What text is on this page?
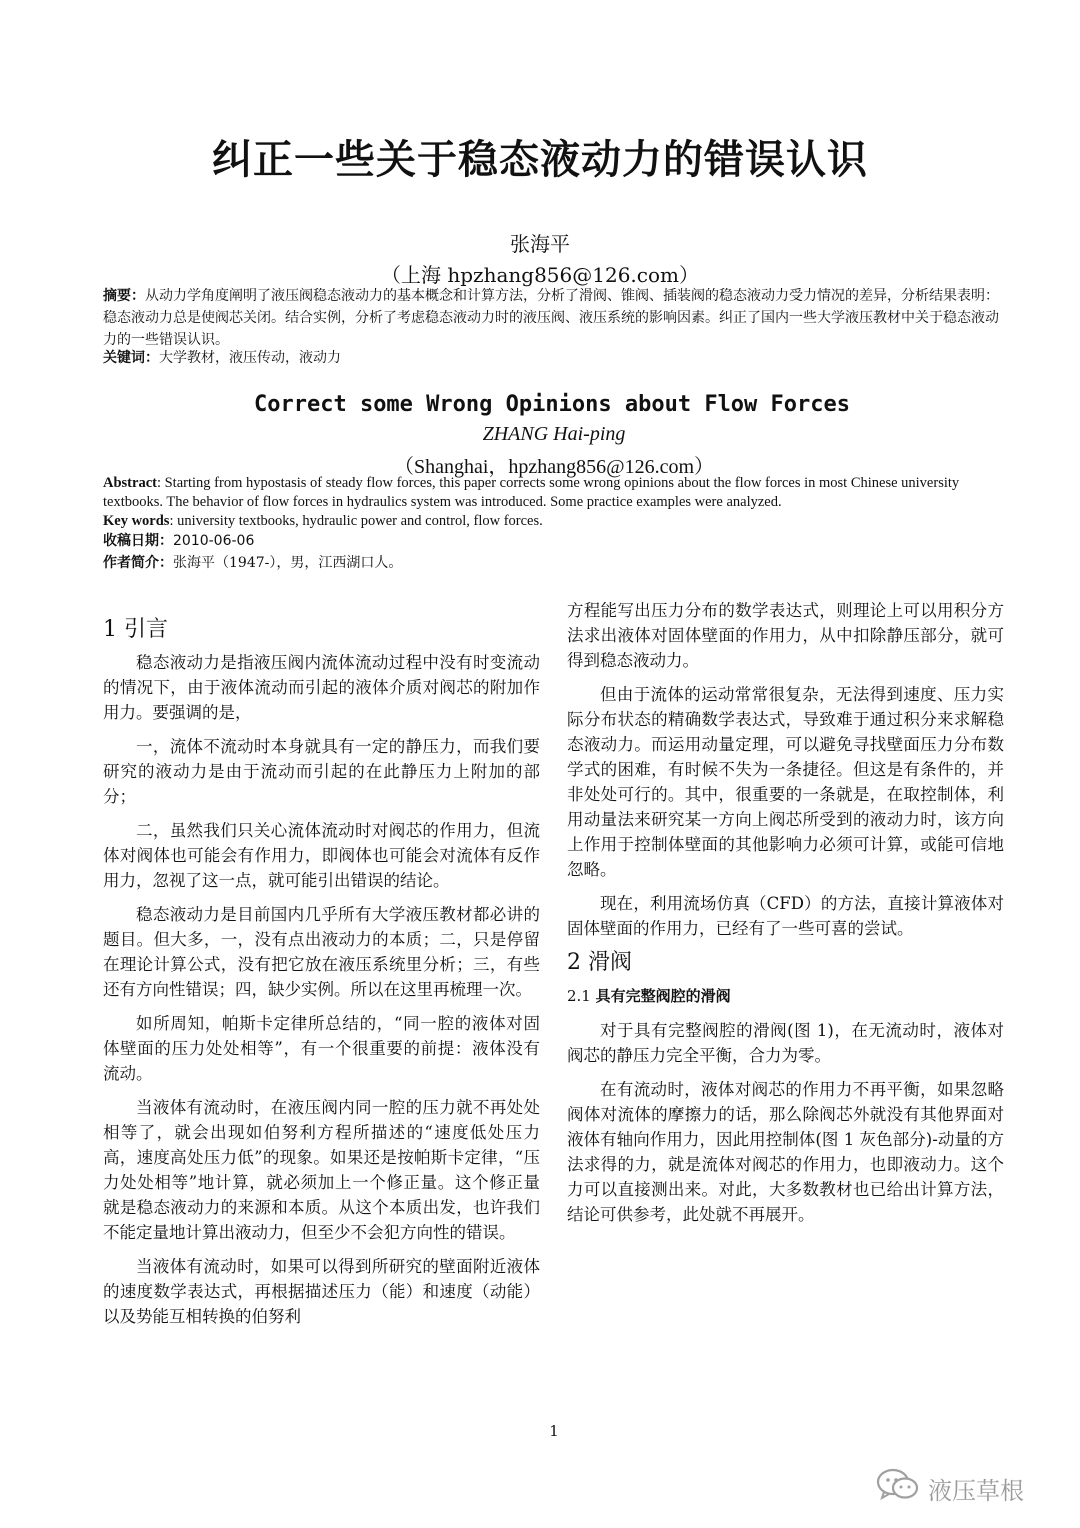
纠正一些关于稳态液动力的错误认识
张海平
（上海 hpzhang856@126.com）
摘要：从动力学角度阐明了液压阀稳态液动力的基本概念和计算方法，分析了滑阀、锥阀、插装阀的稳态液动力受力情况的差异，分析结果表明：稳态液动力总是使阀芯关闭。结合实例，分析了考虑稳态液动力时的液压阀、液压系统的影响因素。纠正了国内一些大学液压教材中关于稳态液动力的一些错误认识。
关键词：大学教材，液压传动，液动力
Correct some Wrong Opinions about Flow Forces
ZHANG Hai-ping
（Shanghai，hpzhang856@126.com）
Abstract: Starting from hypostasis of steady flow forces, this paper corrects some wrong opinions about the flow forces in most Chinese university textbooks. The behavior of flow forces in hydraulics system was introduced. Some practice examples were analyzed.
Key words: university textbooks, hydraulic power and control, flow forces.
收稿日期：2010-06-06
作者简介：张海平（1947-），男，江西湖口人。
1 引言

稳态液动力是指液压阀内流体流动过程中没有时变流动的情况下，由于液体流动而引起的液体介质对阀芯的附加作用力。要强调的是，

一，流体不流动时本身就具有一定的静压力，而我们要研究的液动力是由于流动而引起的在此静压力上附加的部分；

二，虽然我们只关心流体流动时对阀芯的作用力，但流体对阀体也可能会有作用力，即阀体也可能会对流体有反作用力，忽视了这一点，就可能引出错误的结论。

稳态液动力是目前国内几乎所有大学液压教材都必讲的题目。但大多，一，没有点出液动力的本质；二，只是停留在理论计算公式，没有把它放在液压系统里分析；三，有些还有方向性错误；四，缺少实例。所以在这里再梳理一次。

如所周知，帕斯卡定律所总结的，“同一腔的液体对固体壁面的压力处处相等”，有一个很重要的前提：液体没有流动。

当液体有流动时，在液压阀内同一腔的压力就不再处处相等了，就会出现如伯努利方程所描述的“速度低处压力高，速度高处压力低”的现象。如果还是按帕斯卡定律，“压力处处相等”地计算，就必须加上一个修正量。这个修正量就是稳态液动力的来源和本质。从这个本质出发，也许我们不能定量地计算出液动力，但至少不会犯方向性的错误。

当液体有流动时，如果可以得到所研究的壁面附近液体的速度数学表达式，再根据描述压力（能）和速度（动能）以及势能互相转换的伯努利

方程能写出压力分布的数学表达式，则理论上可以用积分方法求出液体对固体壁面的作用力，从中扣除静压部分，就可得到稳态液动力。

但由于流体的运动常常很复杂，无法得到速度、压力实际分布状态的精确数学表达式，导致难于通过积分来求解稳态液动力。而运用动量定理，可以避免寻找壁面压力分布数学式的困难，有时候不失为一条捷径。但这是有条件的，并非处处可行的。其中，很重要的一条就是，在取控制体，利用动量法来研究某一方向上阀芯所受到的液动力时，该方向上作用于控制体壁面的其他影响力必须可计算，或能可信地忽略。

现在，利用流场仿真（CFD）的方法，直接计算液体对固体壁面的作用力，已经有了一些可喜的尝试。

2 滑阀

2.1 具有完整阀腔的滑阀

对于具有完整阀腔的滑阀(图 1)，在无流动时，液体对阀芯的静压力完全平衡，合力为零。

在有流动时，液体对阀芯的作用力不再平衡，如果忽略阀体对流体的摩擦力的话，那么除阀芯外就没有其他界面对液体有轴向作用力，因此用控制体(图 1 灰色部分)-动量的方法求得的力，就是流体对阀芯的作用力，也即液动力。这个力可以直接测出来。对此，大多数教材也已给出计算方法，结论可供参考，此处就不再展开。

1
液压草根
